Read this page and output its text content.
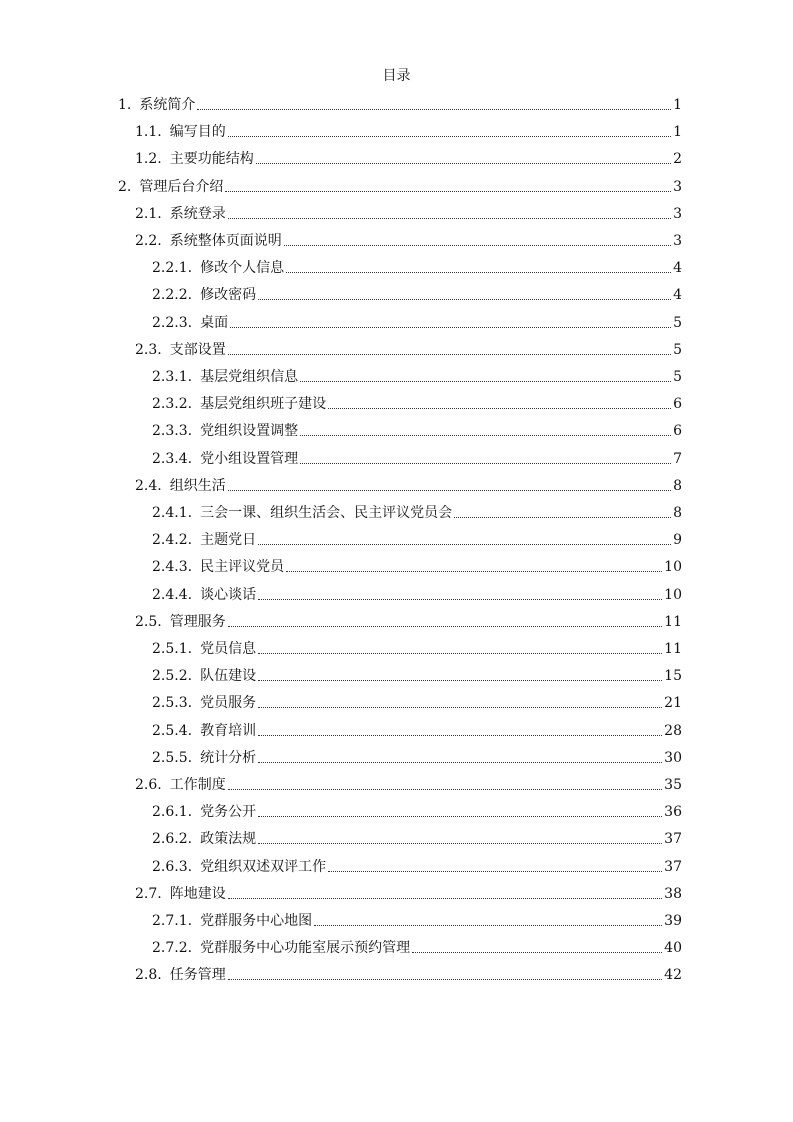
目录
1. 系统简介	1
1.1. 编写目的	1
1.2. 主要功能结构	2
2. 管理后台介绍	3
2.1. 系统登录	3
2.2. 系统整体页面说明	3
2.2.1. 修改个人信息	4
2.2.2. 修改密码	4
2.2.3. 桌面	5
2.3. 支部设置	5
2.3.1. 基层党组织信息	5
2.3.2. 基层党组织班子建设	6
2.3.3. 党组织设置调整	6
2.3.4. 党小组设置管理	7
2.4. 组织生活	8
2.4.1. 三会一课、组织生活会、民主评议党员会	8
2.4.2. 主题党日	9
2.4.3. 民主评议党员	10
2.4.4. 谈心谈话	10
2.5. 管理服务	11
2.5.1. 党员信息	11
2.5.2. 队伍建设	15
2.5.3. 党员服务	21
2.5.4. 教育培训	28
2.5.5. 统计分析	30
2.6. 工作制度	35
2.6.1. 党务公开	36
2.6.2. 政策法规	37
2.6.3. 党组织双述双评工作	37
2.7. 阵地建设	38
2.7.1. 党群服务中心地图	39
2.7.2. 党群服务中心功能室展示预约管理	40
2.8. 任务管理	42
